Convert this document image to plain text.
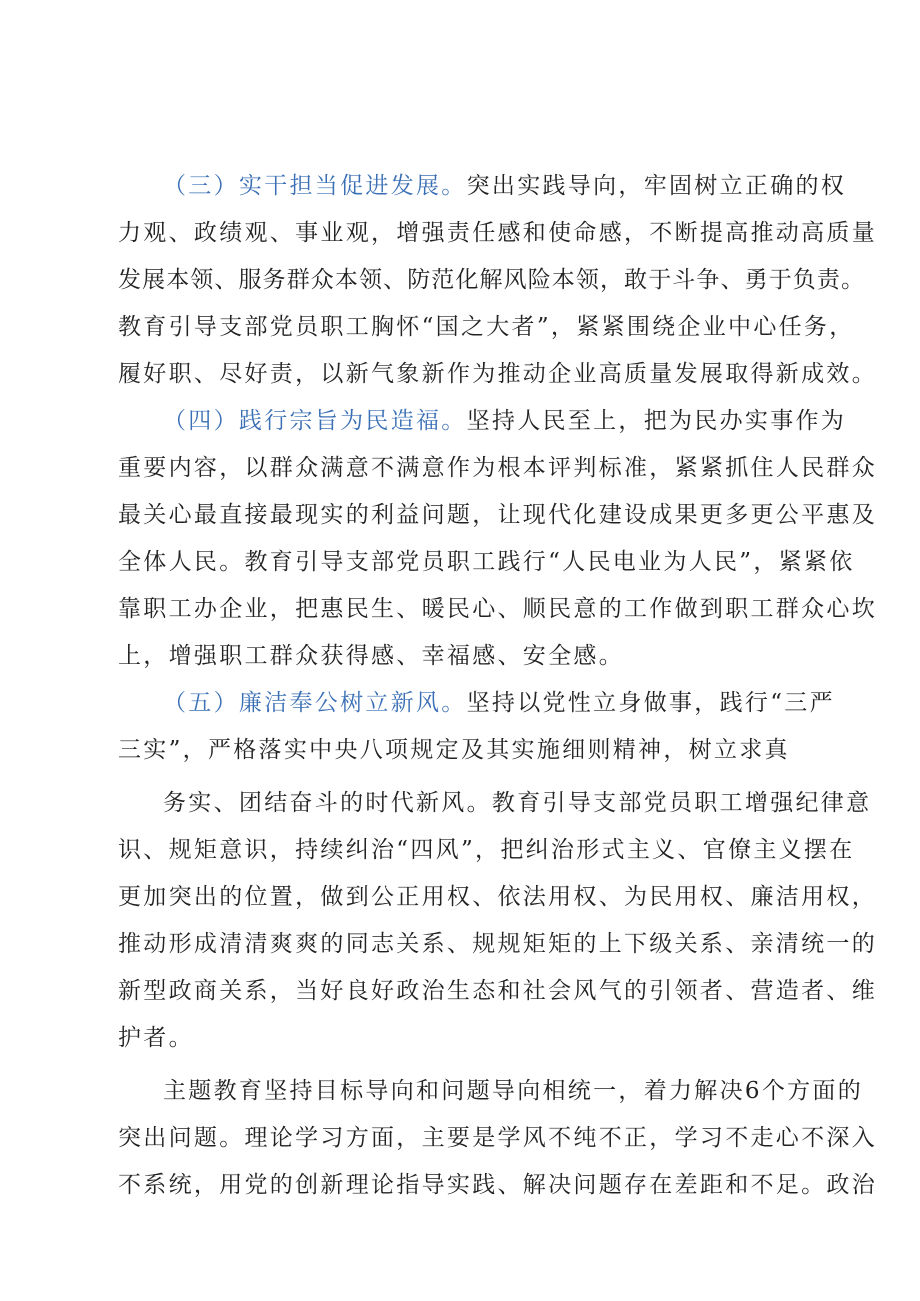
（三）实干担当促进发展。突出实践导向，牢固树立正确的权
力观、政绩观、事业观，增强责任感和使命感，不断提高推动高质量
发展本领、服务群众本领、防范化解风险本领，敢于斗争、勇于负责。
教育引导支部党员职工胸怀“国之大者”，紧紧围绕企业中心任务，
履好职、尽好责，以新气象新作为推动企业高质量发展取得新成效。
（四）践行宗旨为民造福。坚持人民至上，把为民办实事作为
重要内容，以群众满意不满意作为根本评判标准，紧紧抓住人民群众
最关心最直接最现实的利益问题，让现代化建设成果更多更公平惠及
全体人民。教育引导支部党员职工践行“人民电业为人民”，紧紧依
靠职工办企业，把惠民生、暖民心、顺民意的工作做到职工群众心坎
上，增强职工群众获得感、幸福感、安全感。
（五）廉洁奉公树立新风。坚持以党性立身做事，践行“三严
三实”，严格落实中央八项规定及其实施细则精神，树立求真
务实、团结奋斗的时代新风。教育引导支部党员职工增强纪律意
识、规矩意识，持续纠治“四风”，把纠治形式主义、官僚主义摆在
更加突出的位置，做到公正用权、依法用权、为民用权、廉洁用权，
推动形成清清爽爽的同志关系、规规矩矩的上下级关系、亲清统一的
新型政商关系，当好良好政治生态和社会风气的引领者、营造者、维
护者。
主题教育坚持目标导向和问题导向相统一，着力解决6个方面的
突出问题。理论学习方面，主要是学风不纯不正，学习不走心不深入
不系统，用党的创新理论指导实践、解决问题存在差距和不足。政治
